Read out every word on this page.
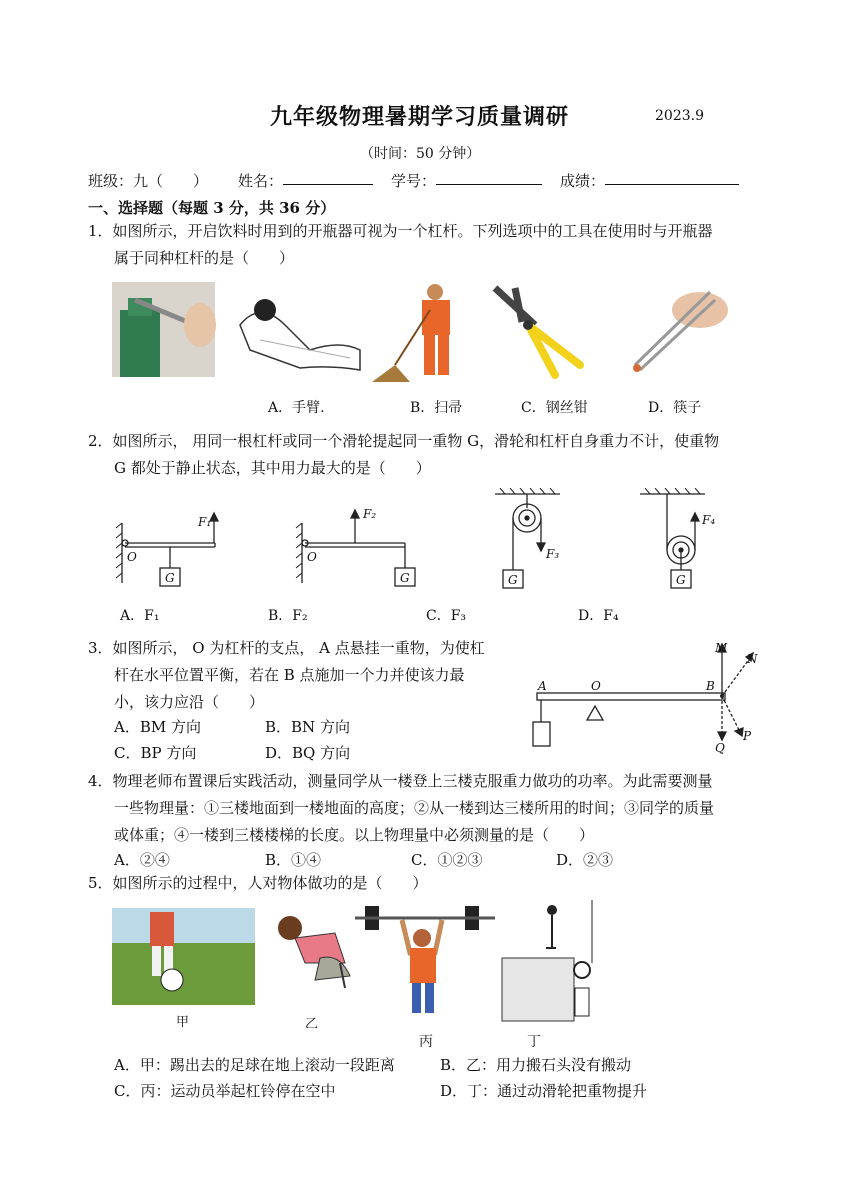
九年级物理暑期学习质量调研	2023.9
（时间：50 分钟）
班级：九（　　） 姓名：	学号：	成绩：
一、选择题（每题 3 分，共 36 分）
1．如图所示，开启饮料时用到的开瓶器可视为一个杠杆。下列选项中的工具在使用时与开瓶器
属于同种杠杆的是（　　）
A．手臂.	B．扫帚	C．钢丝钳	D．筷子
2．如图所示， 用同一根杠杆或同一个滑轮提起同一重物 G，滑轮和杠杆自身重力不计，使重物
G 都处于静止状态，其中用力最大的是（　　）
O
G
F₁
O
G
F₂
G
F₃
G
F₄
A．F₁	B．F₂	C．F₃	D．F₄
3．如图所示， O 为杠杆的支点， A 点悬挂一重物，为使杠
杆在水平位置平衡，若在 B 点施加一个力并使该力最
小，该力应沿（　　）
A．BM 方向	B．BN 方向
C．BP 方向	D．BQ 方向
A	O	B
M
N
P
Q
4．物理老师布置课后实践活动，测量同学从一楼登上三楼克服重力做功的功率。为此需要测量
一些物理量：①三楼地面到一楼地面的高度；②从一楼到达三楼所用的时间；③同学的质量
或体重；④一楼到三楼楼梯的长度。以上物理量中必须测量的是（　　）
A．②④	B．①④	C．①②③	D．②③
5．如图所示的过程中，人对物体做功的是（　　）
甲	乙
丙	丁
A．甲：踢出去的足球在地上滚动一段距离	B．乙：用力搬石头没有搬动
C．丙：运动员举起杠铃停在空中	D．丁：通过动滑轮把重物提升
